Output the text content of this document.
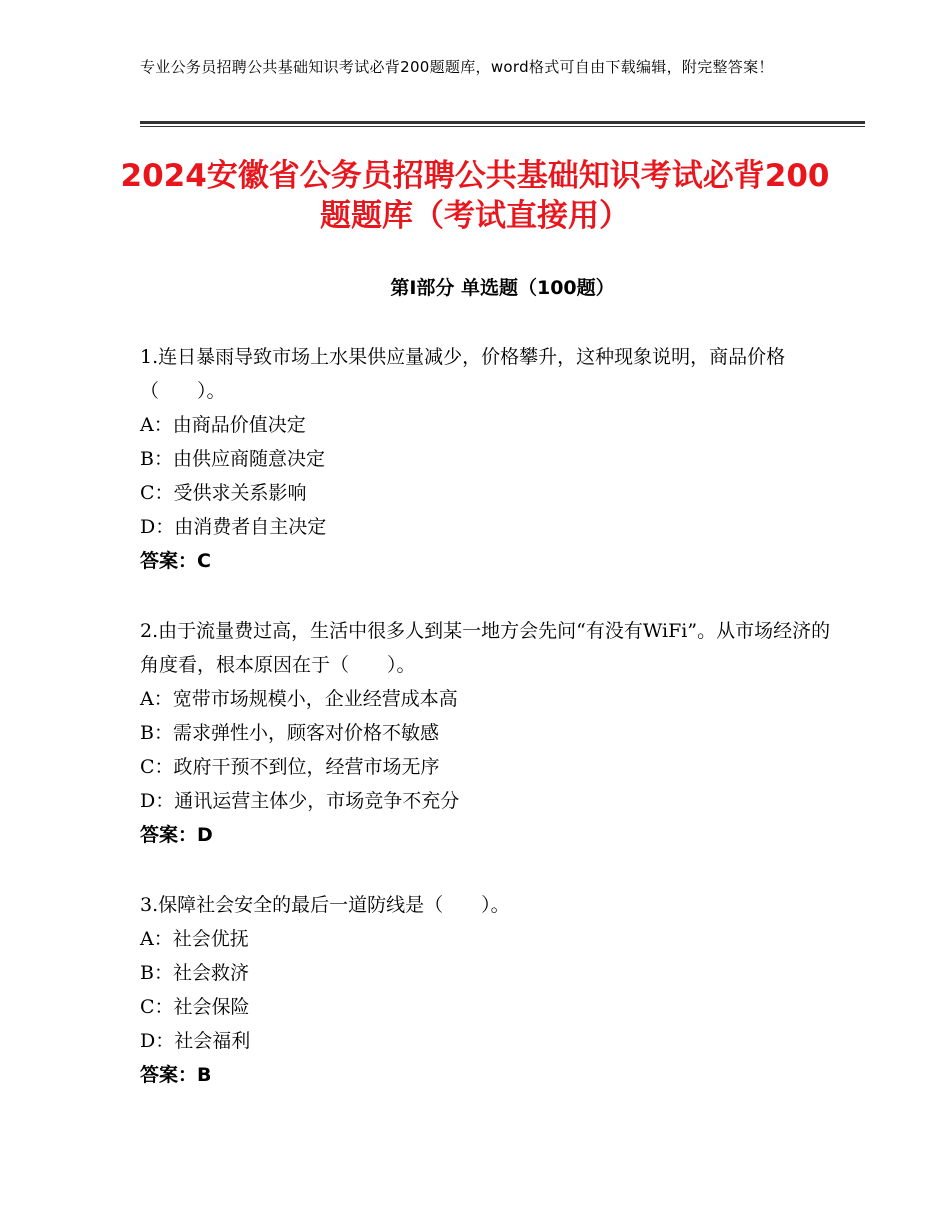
专业公务员招聘公共基础知识考试必背200题题库，word格式可自由下载编辑，附完整答案！
2024安徽省公务员招聘公共基础知识考试必背200题题库（考试直接用）
第I部分 单选题（100题）
1.连日暴雨导致市场上水果供应量减少，价格攀升，这种现象说明，商品价格（　　）。
A：由商品价值决定
B：由供应商随意决定
C：受供求关系影响
D：由消费者自主决定
答案：C
2.由于流量费过高，生活中很多人到某一地方会先问“有没有WiFi”。从市场经济的角度看，根本原因在于（　　）。
A：宽带市场规模小，企业经营成本高
B：需求弹性小，顾客对价格不敏感
C：政府干预不到位，经营市场无序
D：通讯运营主体少，市场竞争不充分
答案：D
3.保障社会安全的最后一道防线是（　　）。
A：社会优抚
B：社会救济
C：社会保险
D：社会福利
答案：B
